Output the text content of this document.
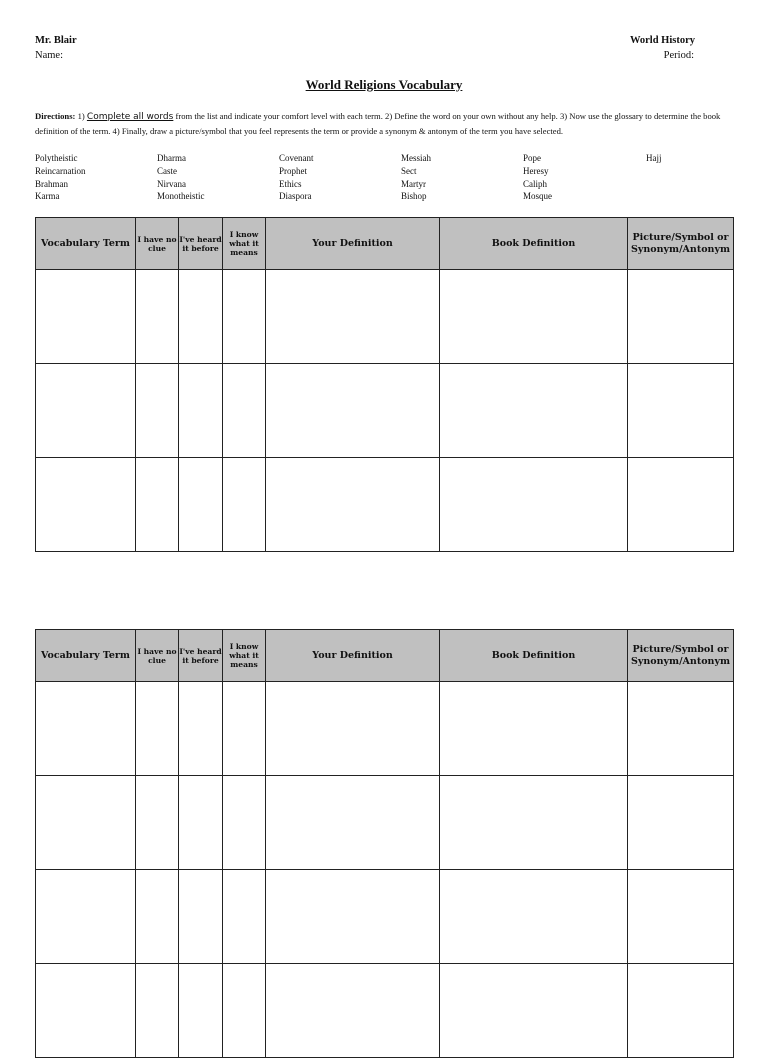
Mr. Blair
Name:
World History
Period:
World Religions Vocabulary
Directions: 1) Complete all words from the list and indicate your comfort level with each term. 2) Define the word on your own without any help. 3) Now use the glossary to determine the book definition of the term. 4) Finally, draw a picture/symbol that you feel represents the term or provide a synonym & antonym of the term you have selected.
Polytheistic
Reincarnation
Brahman
Karma
Dharma
Caste
Nirvana
Monotheistic
Covenant
Prophet
Ethics
Diaspora
Messiah
Sect
Martyr
Bishop
Pope
Heresy
Caliph
Mosque
Hajj
Vocabulary Term	I have no clue	I've heard it before	I know what it means	Your Definition	Book Definition	Picture/Symbol or Synonym/Antonym

Vocabulary Term	I have no clue	I've heard it before	I know what it means	Your Definition	Book Definition	Picture/Symbol or Synonym/Antonym
